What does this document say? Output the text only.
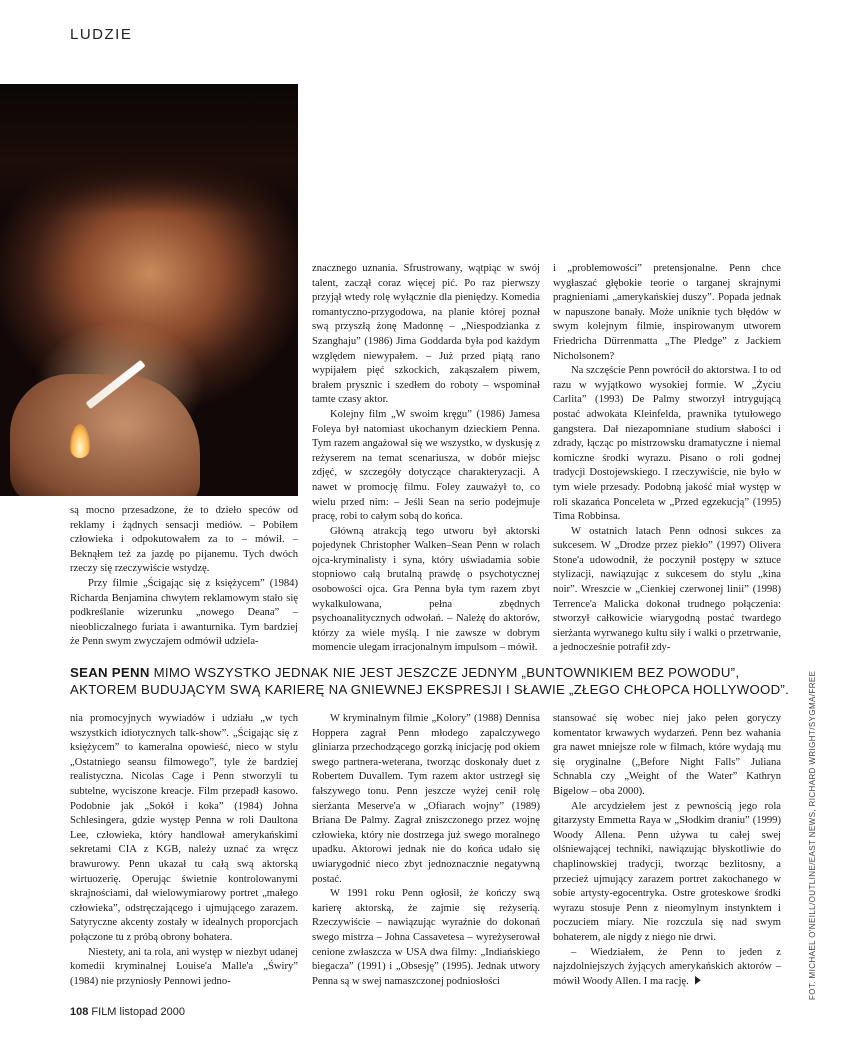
LUDZIE

są mocno przesadzone, że to dzieło speców od reklamy i żądnych sensacji mediów. – Pobiłem człowieka i odpokutowałem za to – mówił. – Beknąłem też za jazdę po pijanemu. Tych dwóch rzeczy się rzeczywiście wstydzę.

Przy filmie „Ścigając się z księżycem” (1984) Richarda Benjamina chwytem reklamowym stało się podkreślanie wizerunku „nowego Deana” – nieobliczalnego furiata i awanturnika. Tym bardziej że Penn swym zwyczajem odmówił udziela-

znacznego uznania. Sfrustrowany, wątpiąc w swój talent, zaczął coraz więcej pić. Po raz pierwszy przyjął wtedy rolę wyłącznie dla pieniędzy. Komedia romantyczno-przygodowa, na planie której poznał swą przyszłą żonę Madonnę – „Niespodzianka z Szanghaju” (1986) Jima Goddarda była pod każdym względem niewypałem. – Już przed piątą rano wypijałem pięć szkockich, zakąszałem piwem, brałem prysznic i szedłem do roboty – wspominał tamte czasy aktor.

Kolejny film „W swoim kręgu” (1986) Jamesa Foleya był natomiast ukochanym dzieckiem Penna. Tym razem angażował się we wszystko, w dyskusję z reżyserem na temat scenariusza, w dobór miejsc zdjęć, w szczegóły dotyczące charakteryzacji. A nawet w promocję filmu. Foley zauważył to, co wielu przed nim: – Jeśli Sean na serio podejmuje pracę, robi to całym sobą do końca.

Główną atrakcją tego utworu był aktorski pojedynek Christopher Walken–Sean Penn w rolach ojca-kryminalisty i syna, który uświadamia sobie stopniowo całą brutalną prawdę o psychotycznej osobowości ojca. Gra Penna była tym razem zbyt wykalkulowana, pełna zbędnych psychoanalitycznych odwołań. – Należę do aktorów, którzy za wiele myślą. I nie zawsze w dobrym momencie ulegam irracjonalnym impulsom – mówił.

i „problemowości” pretensjonalne. Penn chce wygłaszać głębokie teorie o targanej skrajnymi pragnieniami „amerykańskiej duszy”. Popada jednak w napuszone banały. Może uniknie tych błędów w swym kolejnym filmie, inspirowanym utworem Friedricha Dürrenmatta „The Pledge” z Jackiem Nicholsonem?

Na szczęście Penn powrócił do aktorstwa. I to od razu w wyjątkowo wysokiej formie. W „Życiu Carlita” (1993) De Palmy stworzył intrygującą postać adwokata Kleinfelda, prawnika tytułowego gangstera. Dał niezapomniane studium słabości i zdrady, łącząc po mistrzowsku dramatyczne i niemal komiczne środki wyrazu. Pisano o roli godnej tradycji Dostojewskiego. I rzeczywiście, nie było w tym wiele przesady. Podobną jakość miał występ w roli skazańca Ponceleta w „Przed egzekucją” (1995) Tima Robbinsa.

W ostatnich latach Penn odnosi sukces za sukcesem. W „Drodze przez piekło” (1997) Olivera Stone'a udowodnił, że poczynił postępy w sztuce stylizacji, nawiązując z sukcesem do stylu „kina noir”. Wreszcie w „Cienkiej czerwonej linii” (1998) Terrence'a Malicka dokonał trudnego połączenia: stworzył całkowicie wiarygodną postać twardego sierżanta wyrwanego kultu siły i walki o przetrwanie, a jednocześnie potrafił zdy-

SEAN PENN MIMO WSZYSTKO JEDNAK NIE JEST JESZCZE JEDNYM „BUNTOWNIKIEM BEZ POWODU”, AKTOREM BUDUJĄCYM SWĄ KARIERĘ NA GNIEWNEJ EKSPRESJI I SŁAWIE „ZŁEGO CHŁOPCA HOLLYWOOD”.

nia promocyjnych wywiadów i udziału „w tych wszystkich idiotycznych talk-show”. „Ścigając się z księżycem” to kameralna opowieść, nieco w stylu „Ostatniego seansu filmowego”, tyle że bardziej realistyczna. Nicolas Cage i Penn stworzyli tu subtelne, wyciszone kreacje. Film przepadł kasowo. Podobnie jak „Sokół i koka” (1984) Johna Schlesingera, gdzie występ Penna w roli Daultona Lee, człowieka, który handlował amerykańskimi sekretami CIA z KGB, należy uznać za wręcz brawurowy. Penn ukazał tu całą swą aktorską wirtuozerię. Operując świetnie kontrolowanymi skrajnościami, dał wielowymiarowy portret „małego człowieka”, odstręczającego i ujmującego zarazem. Satyryczne akcenty zostały w idealnych proporcjach połączone tu z próbą obrony bohatera.

Niestety, ani ta rola, ani występ w niezbyt udanej komedii kryminalnej Louise'a Malle'a „Świry” (1984) nie przyniosły Pennowi jedno-

W kryminalnym filmie „Kolory” (1988) Dennisa Hoppera zagrał Penn młodego zapalczywego gliniarza przechodzącego gorzką inicjację pod okiem swego partnera-weterana, tworząc doskonały duet z Robertem Duvallem. Tym razem aktor ustrzegł się fałszywego tonu. Penn jeszcze wyżej cenił rolę sierżanta Meserve'a w „Ofiarach wojny” (1989) Briana De Palmy. Zagrał zniszczonego przez wojnę człowieka, który nie dostrzega już swego moralnego upadku. Aktorowi jednak nie do końca udało się uwiarygodnić nieco zbyt jednoznacznie negatywną postać.

W 1991 roku Penn ogłosił, że kończy swą karierę aktorską, że zajmie się reżyserią. Rzeczywiście – nawiązując wyraźnie do dokonań swego mistrza – Johna Cassavetesa – wyreżyserował cenione zwłaszcza w USA dwa filmy: „Indiańskiego biegacza” (1991) i „Obsesję” (1995). Jednak utwory Penna są w swej namaszczonej podniosłości

stansować się wobec niej jako pełen goryczy komentator krwawych wydarzeń. Penn bez wahania gra nawet mniejsze role w filmach, które wydają mu się oryginalne („Before Night Falls” Juliana Schnabla czy „Weight of the Water” Kathryn Bigelow – oba 2000).

Ale arcydziełem jest z pewnością jego rola gitarzysty Emmetta Raya w „Słodkim draniu” (1999) Woody Allena. Penn używa tu całej swej olśniewającej techniki, nawiązując błyskotliwie do chaplinowskiej tradycji, tworząc bezlitosny, a przecież ujmujący zarazem portret zakochanego w sobie artysty-egocentryka. Ostre groteskowe środki wyrazu stosuje Penn z nieomylnym instynktem i poczuciem miary. Nie rozczula się nad swym bohaterem, ale nigdy z niego nie drwi.

– Wiedziałem, że Penn to jeden z najzdolniejszych żyjących amerykańskich aktorów – mówił Woody Allen. I ma rację.	FOT. MICHAEL O'NEILL/OUTLINE/EAST NEWS, RICHARD WRIGHT/SYGMA/FREE
108 FILM listopad 2000
